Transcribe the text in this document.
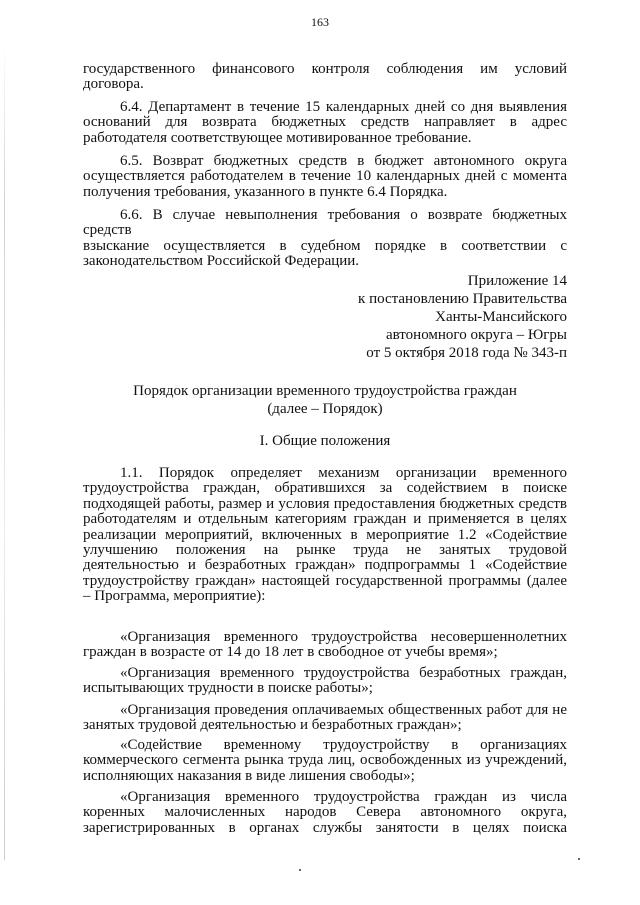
163

государственного финансового контроля соблюдения им условий

договора.

6.4. Департамент в течение 15 календарных дней со дня выявления

оснований для возврата бюджетных средств направляет в адрес

работодателя соответствующее мотивированное требование.

6.5. Возврат бюджетных средств в бюджет автономного округа

осуществляется работодателем в течение 10 календарных дней с момента

получения требования, указанного в пункте 6.4 Порядка.

6.6. В случае невыполнения требования о возврате бюджетных средств

взыскание осуществляется в судебном порядке в соответствии с

законодательством Российской Федерации.

Приложение 14
к постановлению Правительства
Ханты-Мансийского
автономного округа – Югры
от 5 октября 2018 года № 343-п
Порядок организации временного трудоустройства граждан
(далее – Порядок)
I. Общие положения

1.1. Порядок определяет механизм организации временного

трудоустройства граждан, обратившихся за содействием в поиске

подходящей работы, размер и условия предоставления бюджетных средств

работодателям и отдельным категориям граждан и применяется в целях

реализации мероприятий, включенных в мероприятие 1.2 «Содействие

улучшению положения на рынке труда не занятых трудовой

деятельностью и безработных граждан» подпрограммы 1 «Содействие

трудоустройству граждан» настоящей государственной программы (далее

– Программа, мероприятие):

«Организация временного трудоустройства несовершеннолетних

граждан в возрасте от 14 до 18 лет в свободное от учебы время»;

«Организация временного трудоустройства безработных граждан,

испытывающих трудности в поиске работы»;

«Организация проведения оплачиваемых общественных работ для не

занятых трудовой деятельностью и безработных граждан»;

«Содействие временному трудоустройству в организациях

коммерческого сегмента рынка труда лиц, освобожденных из учреждений,

исполняющих наказания в виде лишения свободы»;

«Организация временного трудоустройства граждан из числа

коренных малочисленных народов Севера автономного округа,

зарегистрированных в органах службы занятости в целях поиска
